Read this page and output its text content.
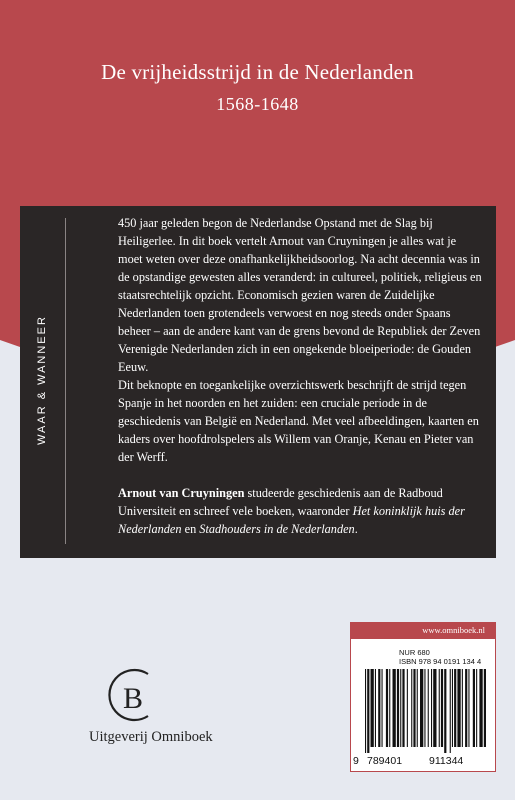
De vrijheidsstrijd in de Nederlanden
1568-1648
WAAR & WANNEER

450 jaar geleden begon de Nederlandse Opstand met de Slag bij Heiligerlee. In dit boek vertelt Arnout van Cruyningen je alles wat je moet weten over deze onafhankelijkheidsoorlog. Na acht decennia was in de opstandige gewesten alles veranderd: in cultureel, politiek, religieus en staatsrechtelijk opzicht. Economisch gezien waren de Zuidelijke Nederlanden toen grotendeels verwoest en nog steeds onder Spaans beheer – aan de andere kant van de grens bevond de Republiek der Zeven Verenigde Nederlanden zich in een ongekende bloeiperiode: de Gouden Eeuw.

Dit beknopte en toegankelijke overzichtswerk beschrijft de strijd tegen Spanje in het noorden en het zuiden: een cruciale periode in de geschiedenis van België en Nederland. Met veel afbeeldingen, kaarten en kaders over hoofdrolspelers als Willem van Oranje, Kenau en Pieter van der Werff.

Arnout van Cruyningen studeerde geschiedenis aan de Radboud Universiteit en schreef vele boeken, waaronder Het koninklijk huis der Nederlanden en Stadhouders in de Nederlanden.

B
Uitgeverij Omniboek
www.omniboek.nl
NUR 680
ISBN 978 94 0191 134 4
9 789401	911344
